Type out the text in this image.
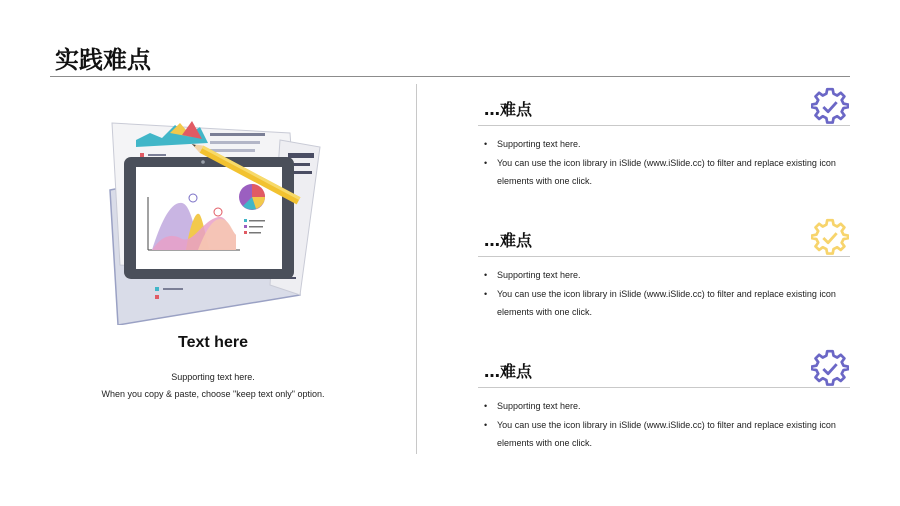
实践难点
Text here
Supporting text here.
When you copy & paste, choose "keep text only" option.
…难点
• Supporting text here.
• You can use the icon library in iSlide (www.iSlide.cc) to filter and replace existing icon elements with one click.
…难点
• Supporting text here.
• You can use the icon library in iSlide (www.iSlide.cc) to filter and replace existing icon elements with one click.
…难点
• Supporting text here.
• You can use the icon library in iSlide (www.iSlide.cc) to filter and replace existing icon elements with one click.
